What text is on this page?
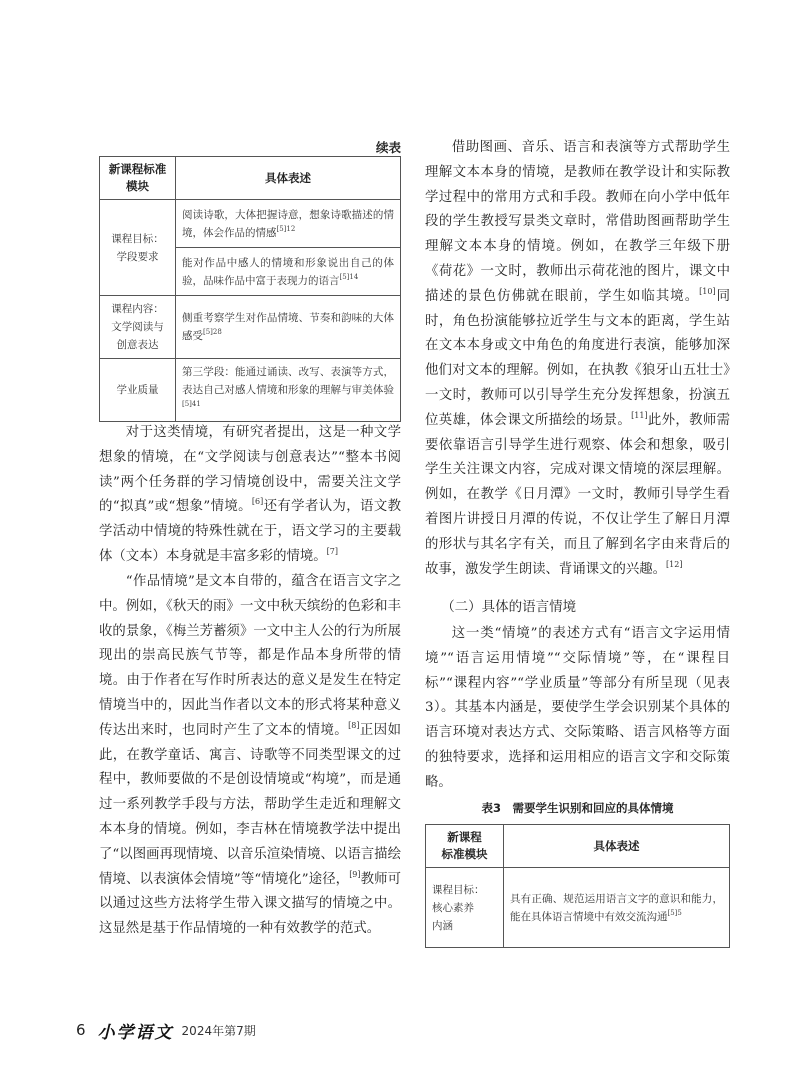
续表
新课程标准
模块	具体表述
课程目标：
学段要求	阅读诗歌，大体把握诗意，想象诗歌描述的情境，体会作品的情感$^{[5]12}$
	能对作品中感人的情境和形象说出自己的体验，品味作品中富于表现力的语言$^{[5]14}$
课程内容：
文学阅读与
创意表达	侧重考察学生对作品情境、节奏和韵味的大体感受$^{[5]28}$
学业质量	第三学段：能通过诵读、改写、表演等方式，表达自己对感人情境和形象的理解与审美体验$^{[5]41}$

对于这类情境，有研究者提出，这是一种文学想象的情境，在“文学阅读与创意表达”“整本书阅读”两个任务群的学习情境创设中，需要关注文学的“拟真”或“想象”情境。[6]还有学者认为，语文教学活动中情境的特殊性就在于，语文学习的主要载体（文本）本身就是丰富多彩的情境。[7]

“作品情境”是文本自带的，蕴含在语言文字之中。例如，《秋天的雨》一文中秋天缤纷的色彩和丰收的景象，《梅兰芳蓄须》一文中主人公的行为所展现出的崇高民族气节等，都是作品本身所带的情境。由于作者在写作时所表达的意义是发生在特定情境当中的，因此当作者以文本的形式将某种意义传达出来时，也同时产生了文本的情境。[8]正因如此，在教学童话、寓言、诗歌等不同类型课文的过程中，教师要做的不是创设情境或“构境”，而是通过一系列教学手段与方法，帮助学生走近和理解文本本身的情境。例如，李吉林在情境教学法中提出了“以图画再现情境、以音乐渲染情境、以语言描绘情境、以表演体会情境”等“情境化”途径，[9]教师可以通过这些方法将学生带入课文描写的情境之中。这显然是基于作品情境的一种有效教学的范式。

借助图画、音乐、语言和表演等方式帮助学生理解文本本身的情境，是教师在教学设计和实际教学过程中的常用方式和手段。教师在向小学中低年段的学生教授写景类文章时，常借助图画帮助学生理解文本本身的情境。例如，在教学三年级下册《荷花》一文时，教师出示荷花池的图片，课文中描述的景色仿佛就在眼前，学生如临其境。[10]同时，角色扮演能够拉近学生与文本的距离，学生站在文本本身或文中角色的角度进行表演，能够加深他们对文本的理解。例如，在执教《狼牙山五壮士》一文时，教师可以引导学生充分发挥想象，扮演五位英雄，体会课文所描绘的场景。[11]此外，教师需要依靠语言引导学生进行观察、体会和想象，吸引学生关注课文内容，完成对课文情境的深层理解。例如，在教学《日月潭》一文时，教师引导学生看着图片讲授日月潭的传说，不仅让学生了解日月潭的形状与其名字有关，而且了解到名字由来背后的故事，激发学生朗读、背诵课文的兴趣。[12]

（二）具体的语言情境

这一类“情境”的表述方式有“语言文字运用情境”“语言运用情境”“交际情境”等，在“课程目标”“课程内容”“学业质量”等部分有所呈现（见表3）。其基本内涵是，要使学生学会识别某个具体的语言环境对表达方式、交际策略、语言风格等方面的独特要求，选择和运用相应的语言文字和交际策略。

表3　需要学生识别和回应的具体情境
新课程
标准模块	具体表述
课程目标：
核心素养
内涵	具有正确、规范运用语言文字的意识和能力，能在具体语言情境中有效交流沟通$^{[5]5}$
6 小学语文 2024年第7期
